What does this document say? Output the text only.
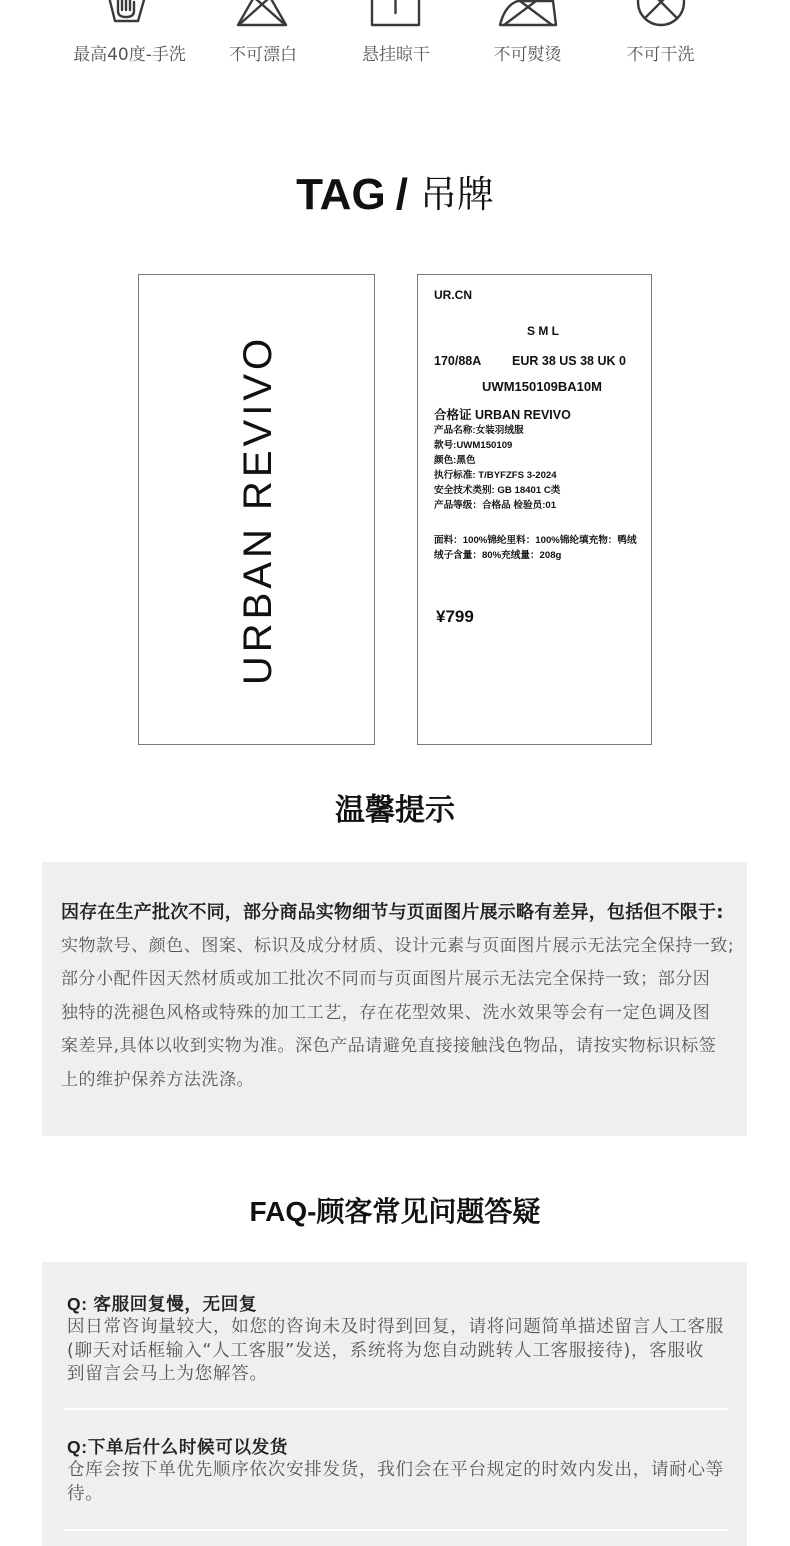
最高40度-手洗	不可漂白	悬挂晾干	不可熨烫	不可干洗
TAG / 吊牌
URBAN REVIVO
UR.CN
S M L
170/88A EUR 38 US 38 UK 0
UWM150109BA10M
合格证 URBAN REVIVO
产品名称:女装羽绒服
款号:UWM150109
颜色:黑色
执行标准: T/BYFZFS 3-2024
安全技术类别: GB 18401 C类
产品等级：合格品 检验员:01
面料：100%锦纶里料：100%锦纶填充物：鸭绒
绒子含量：80%充绒量：208g
¥799
温馨提示
因存在生产批次不同，部分商品实物细节与页面图片展示略有差异，包括但不限于:
实物款号、颜色、图案、标识及成分材质、设计元素与页面图片展示无法完全保持一致;
部分小配件因天然材质或加工批次不同而与页面图片展示无法完全保持一致；部分因
独特的洗褪色风格或特殊的加工工艺，存在花型效果、洗水效果等会有一定色调及图
案差异,具体以收到实物为准。深色产品请避免直接接触浅色物品，请按实物标识标签
上的维护保养方法洗涤。
FAQ-顾客常见问题答疑
Q: 客服回复慢，无回复
因日常咨询量较大，如您的咨询未及时得到回复，请将问题简单描述留言人工客服
(聊天对话框输入“人工客服”发送，系统将为您自动跳转人工客服接待)，客服收
到留言会马上为您解答。
Q:下单后什么时候可以发货
仓库会按下单优先顺序依次安排发货，我们会在平台规定的时效内发出，请耐心等
待。
